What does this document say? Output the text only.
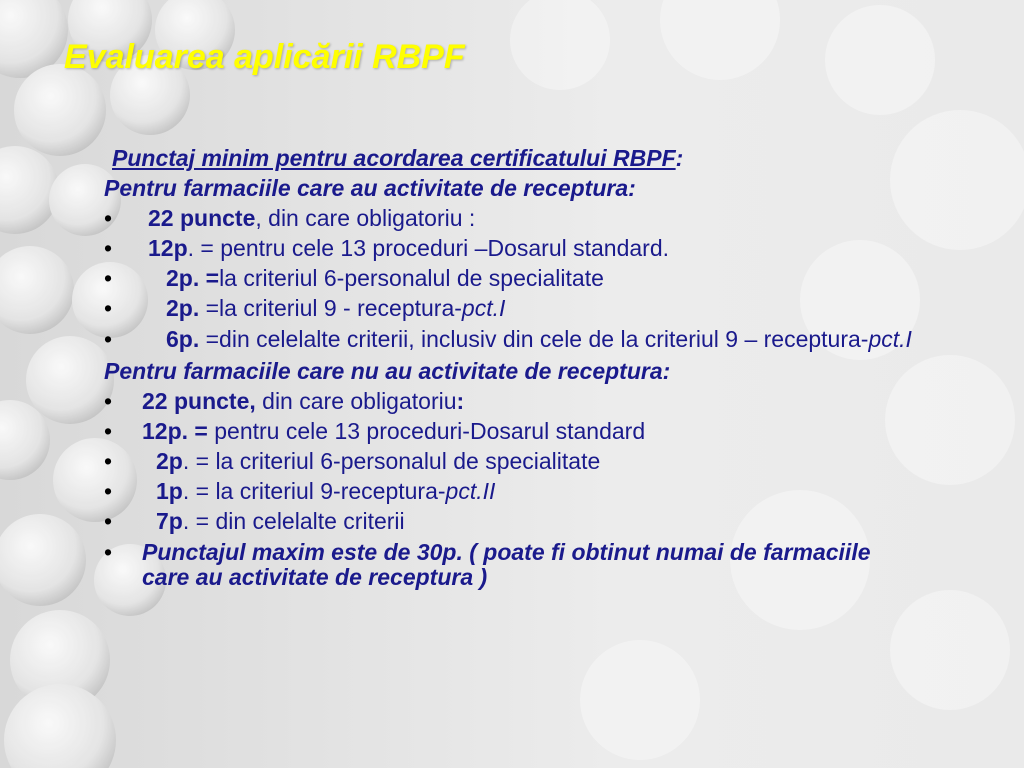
Evaluarea aplicării RBPF
Punctaj minim pentru acordarea certificatului RBPF:
Pentru farmaciile care au activitate de receptura:
• 22 puncte, din care obligatoriu :
• 12p. = pentru cele 13 proceduri –Dosarul standard.
• 2p. =la criteriul 6-personalul de specialitate
• 2p. =la criteriul 9 - receptura-pct.I
• 6p. =din celelalte criterii, inclusiv din cele de la criteriul 9 – receptura-pct.I
Pentru farmaciile care nu au activitate de receptura:
• 22 puncte, din care obligatoriu:
• 12p. = pentru cele 13 proceduri-Dosarul standard
• 2p. = la criteriul 6-personalul de specialitate
• 1p. = la criteriul 9-receptura-pct.II
• 7p. = din celelalte criterii
• Punctajul maxim este de 30p. ( poate fi obtinut numai de farmaciile care au activitate de receptura )
